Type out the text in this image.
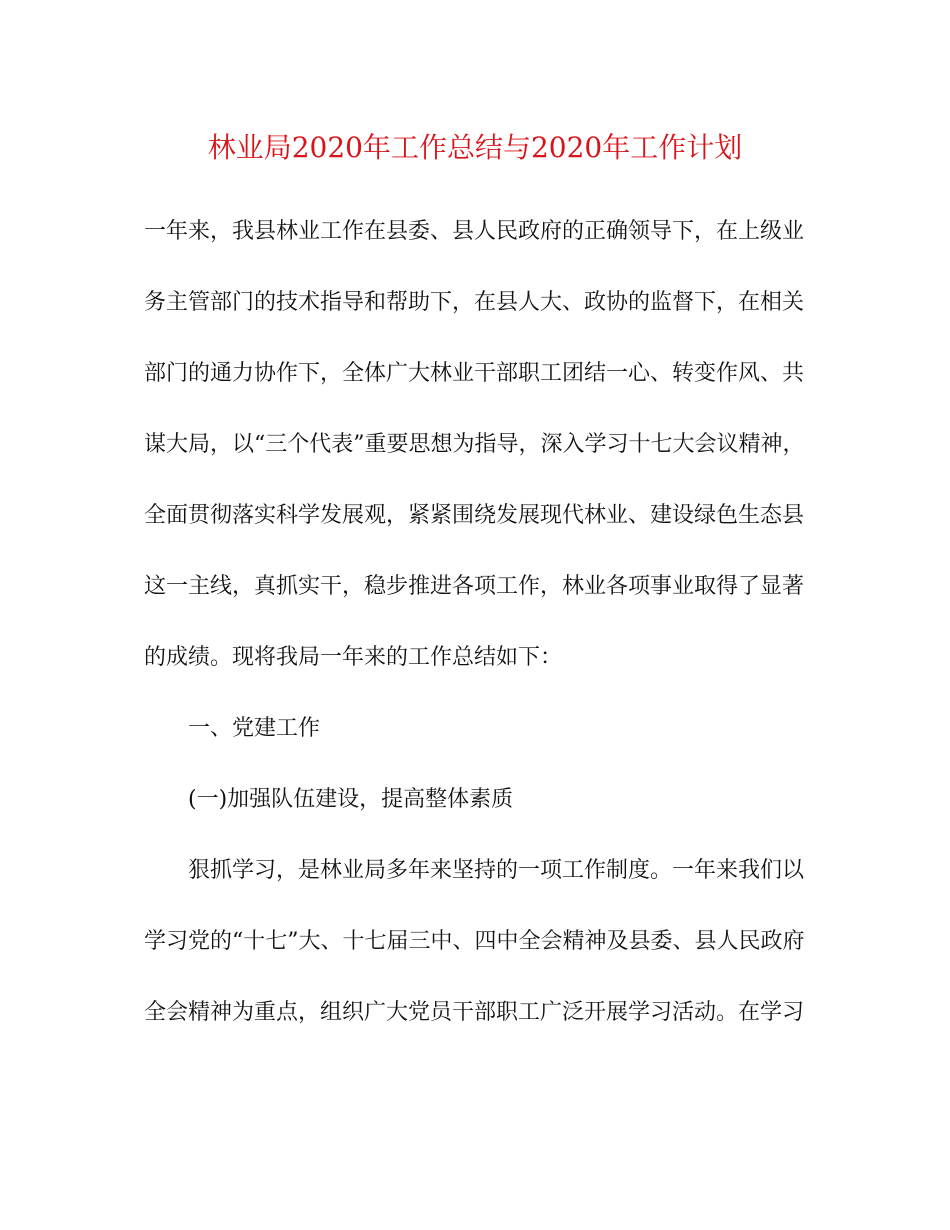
林业局2020年工作总结与2020年工作计划
一年来，我县林业工作在县委、县人民政府的正确领导下，在上级业
务主管部门的技术指导和帮助下，在县人大、政协的监督下，在相关
部门的通力协作下，全体广大林业干部职工团结一心、转变作风、共
谋大局，以“三个代表”重要思想为指导，深入学习十七大会议精神，
全面贯彻落实科学发展观，紧紧围绕发展现代林业、建设绿色生态县
这一主线，真抓实干，稳步推进各项工作，林业各项事业取得了显著
的成绩。现将我局一年来的工作总结如下：
一、党建工作
(一)加强队伍建设，提高整体素质
狠抓学习，是林业局多年来坚持的一项工作制度。一年来我们以
学习党的“十七”大、十七届三中、四中全会精神及县委、县人民政府
全会精神为重点，组织广大党员干部职工广泛开展学习活动。在学习
